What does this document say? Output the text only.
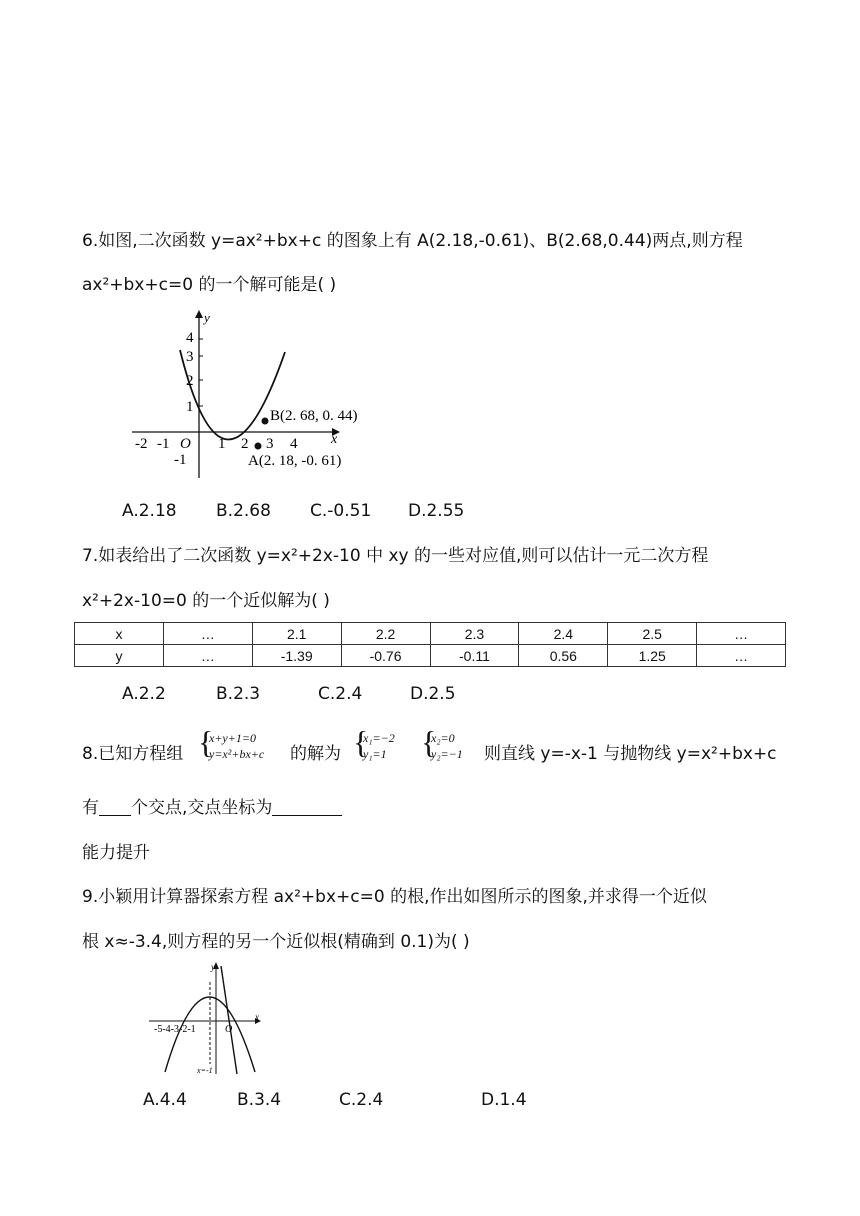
6.如图,二次函数 y=ax²+bx+c 的图象上有 A(2.18,-0.61)、B(2.68,0.44)两点,则方程
ax²+bx+c=0 的一个解可能是( )
y
4
3
2
1
-1
-2 -1 O 1 2 3 4 x
B(2. 68, 0. 44)
A(2. 18, -0. 61)
A.2.18 B.2.68 C.-0.51 D.2.55
7.如表给出了二次函数 y=x²+2x-10 中 xy 的一些对应值,则可以估计一元二次方程
x²+2x-10=0 的一个近似解为( )
x	…	2.1	2.2	2.3	2.4	2.5	…
y	…	-1.39	-0.76	-0.11	0.56	1.25	…
A.2.2	B.2.3	C.2.4	D.2.5
8.已知方程组 {
x+y+1=0
y=x²+bx+c 的解为 {
x₁=−2
y₁=1 {
x₂=0
y₂=−1 则直线 y=-x-1 与抛物线 y=x²+bx+c
有 个交点,交点坐标为
能力提升
9.小颖用计算器探索方程 ax²+bx+c=0 的根,作出如图所示的图象,并求得一个近似
根 x≈-3.4,则方程的另一个近似根(精确到 0.1)为( )
y
-5-4-3-2-1	O
x
x=-1
A.4.4	B.3.4	C.2.4	D.1.4
